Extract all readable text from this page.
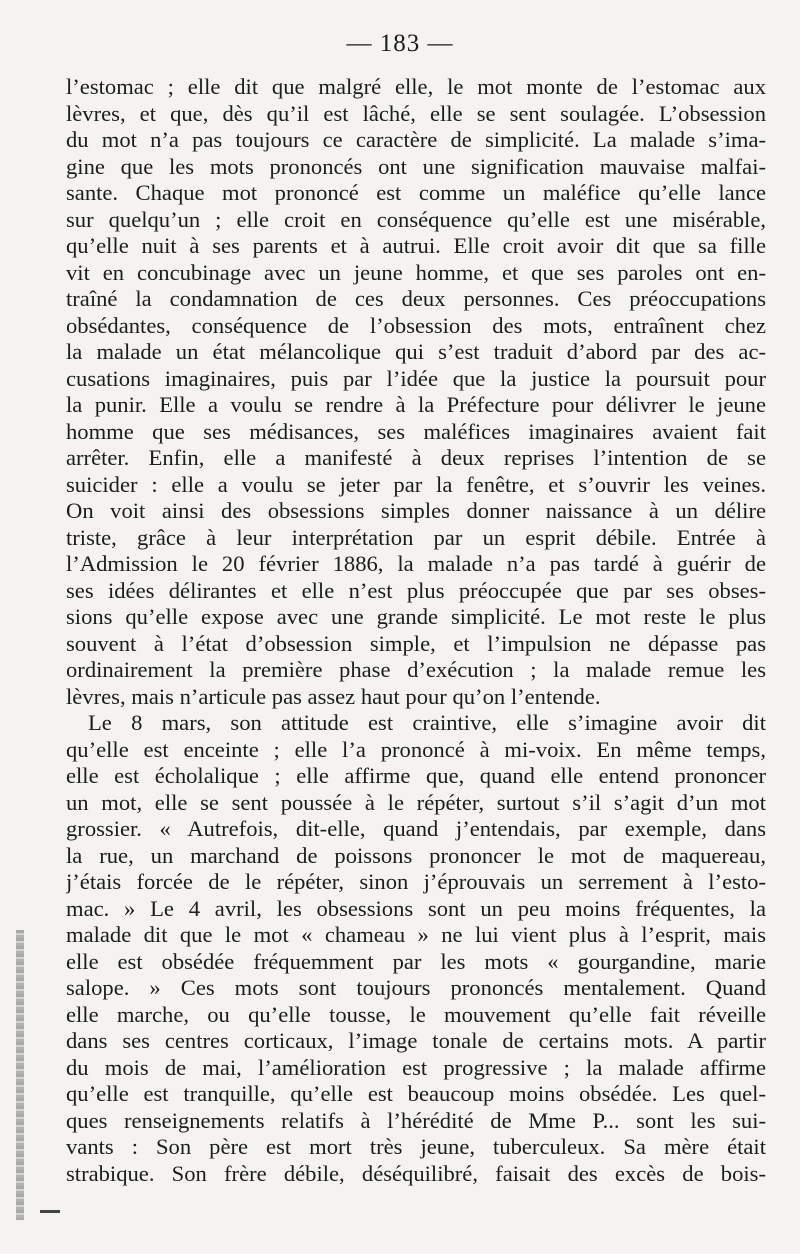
— 183 —
l’estomac ; elle dit que malgré elle, le mot monte de l’estomac aux
lèvres, et que, dès qu’il est lâché, elle se sent soulagée. L’obsession
du mot n’a pas toujours ce caractère de simplicité. La malade s’ima-
gine que les mots prononcés ont une signification mauvaise malfai-
sante. Chaque mot prononcé est comme un maléfice qu’elle lance
sur quelqu’un ; elle croit en conséquence qu’elle est une misérable,
qu’elle nuit à ses parents et à autrui. Elle croit avoir dit que sa fille
vit en concubinage avec un jeune homme, et que ses paroles ont en-
traîné la condamnation de ces deux personnes. Ces préoccupations
obsédantes, conséquence de l’obsession des mots, entraînent chez
la malade un état mélancolique qui s’est traduit d’abord par des ac-
cusations imaginaires, puis par l’idée que la justice la poursuit pour
la punir. Elle a voulu se rendre à la Préfecture pour délivrer le jeune
homme que ses médisances, ses maléfices imaginaires avaient fait
arrêter. Enfin, elle a manifesté à deux reprises l’intention de se
suicider : elle a voulu se jeter par la fenêtre, et s’ouvrir les veines.
On voit ainsi des obsessions simples donner naissance à un délire
triste, grâce à leur interprétation par un esprit débile. Entrée à
l’Admission le 20 février 1886, la malade n’a pas tardé à guérir de
ses idées délirantes et elle n’est plus préoccupée que par ses obses-
sions qu’elle expose avec une grande simplicité. Le mot reste le plus
souvent à l’état d’obsession simple, et l’impulsion ne dépasse pas
ordinairement la première phase d’exécution ; la malade remue les
lèvres, mais n’articule pas assez haut pour qu’on l’entende.
Le 8 mars, son attitude est craintive, elle s’imagine avoir dit
qu’elle est enceinte ; elle l’a prononcé à mi-voix. En même temps,
elle est écholalique ; elle affirme que, quand elle entend prononcer
un mot, elle se sent poussée à le répéter, surtout s’il s’agit d’un mot
grossier. « Autrefois, dit-elle, quand j’entendais, par exemple, dans
la rue, un marchand de poissons prononcer le mot de maquereau,
j’étais forcée de le répéter, sinon j’éprouvais un serrement à l’esto-
mac. » Le 4 avril, les obsessions sont un peu moins fréquentes, la
malade dit que le mot « chameau » ne lui vient plus à l’esprit, mais
elle est obsédée fréquemment par les mots « gourgandine, marie
salope. » Ces mots sont toujours prononcés mentalement. Quand
elle marche, ou qu’elle tousse, le mouvement qu’elle fait réveille
dans ses centres corticaux, l’image tonale de certains mots. A partir
du mois de mai, l’amélioration est progressive ; la malade affirme
qu’elle est tranquille, qu’elle est beaucoup moins obsédée. Les quel-
ques renseignements relatifs à l’hérédité de Mme P... sont les sui-
vants : Son père est mort très jeune, tuberculeux. Sa mère était
strabique. Son frère débile, déséquilibré, faisait des excès de bois-
